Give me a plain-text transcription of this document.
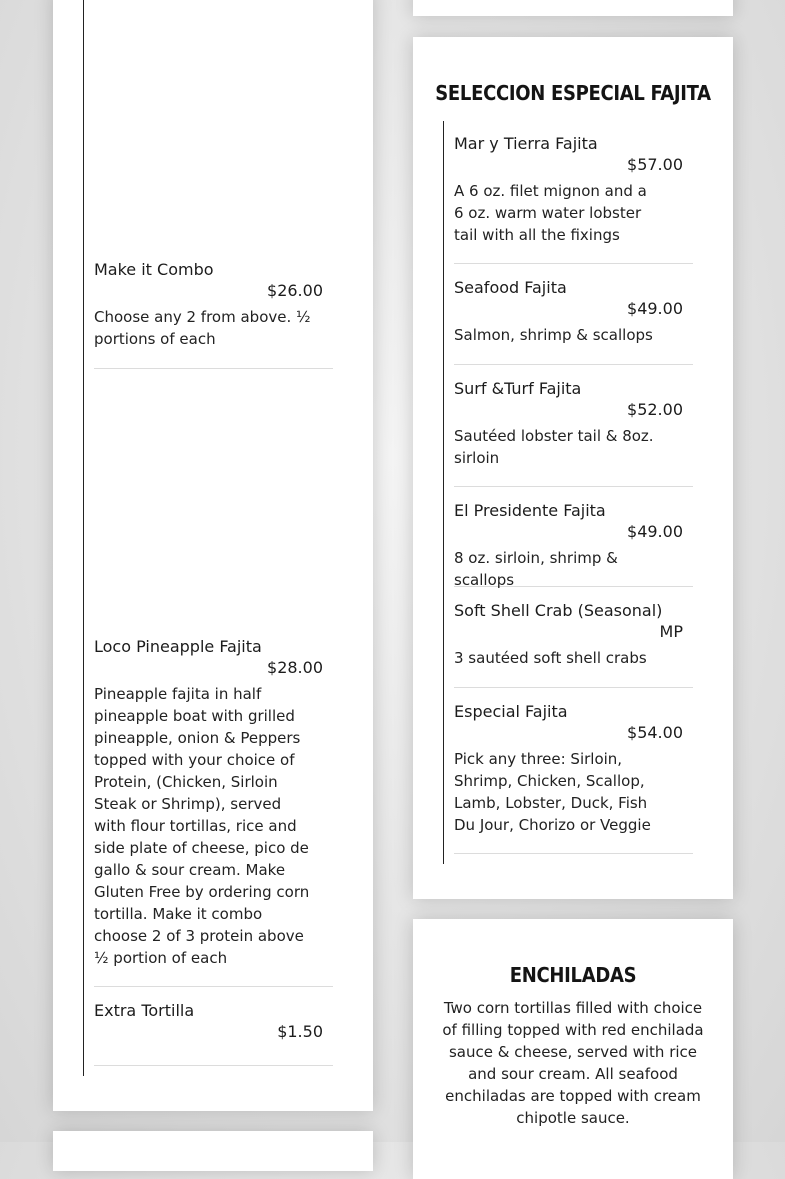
Make it Combo
$26.00
Choose any 2 from above. ½ portions of each
Loco Pineapple Fajita
$28.00
Pineapple fajita in half pineapple boat with grilled pineapple, onion & Peppers topped with your choice of Protein, (Chicken, Sirloin Steak or Shrimp), served with flour tortillas, rice and side plate of cheese, pico de gallo & sour cream. Make Gluten Free by ordering corn tortilla. Make it combo choose 2 of 3 protein above ½ portion of each
Extra Tortilla
$1.50
SELECCION ESPECIAL FAJITA
Mar y Tierra Fajita
$57.00
A 6 oz. filet mignon and a 6 oz. warm water lobster tail with all the fixings
Seafood Fajita
$49.00
Salmon, shrimp & scallops
Surf &Turf Fajita
$52.00
Sautéed lobster tail & 8oz. sirloin
El Presidente Fajita
$49.00
8 oz. sirloin, shrimp & scallops
Soft Shell Crab (Seasonal)
MP
3 sautéed soft shell crabs
Especial Fajita
$54.00
Pick any three: Sirloin, Shrimp, Chicken, Scallop, Lamb, Lobster, Duck, Fish Du Jour, Chorizo or Veggie
ENCHILADAS
Two corn tortillas filled with choice of filling topped with red enchilada sauce & cheese, served with rice and sour cream. All seafood enchiladas are topped with cream chipotle sauce.
